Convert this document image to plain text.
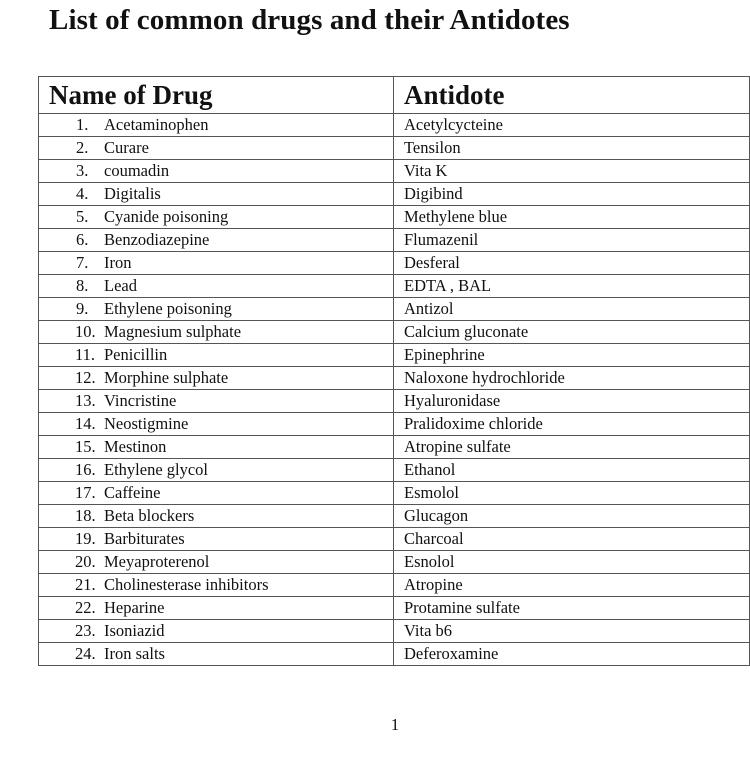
List of common drugs and their Antidotes
Name of Drug	Antidote
1. Acetaminophen	Acetylcycteine
2. Curare	Tensilon
3. coumadin	Vita K
4. Digitalis	Digibind
5. Cyanide poisoning	Methylene blue
6. Benzodiazepine	Flumazenil
7. Iron	Desferal
8. Lead	EDTA , BAL
9. Ethylene poisoning	Antizol
10. Magnesium sulphate	Calcium gluconate
11. Penicillin	Epinephrine
12. Morphine sulphate	Naloxone hydrochloride
13. Vincristine	Hyaluronidase
14. Neostigmine	Pralidoxime chloride
15. Mestinon	Atropine sulfate
16. Ethylene glycol	Ethanol
17. Caffeine	Esmolol
18. Beta blockers	Glucagon
19. Barbiturates	Charcoal
20. Meyaproterenol	Esnolol
21. Cholinesterase inhibitors	Atropine
22. Heparine	Protamine sulfate
23. Isoniazid	Vita b6
24. Iron salts	Deferoxamine
1
